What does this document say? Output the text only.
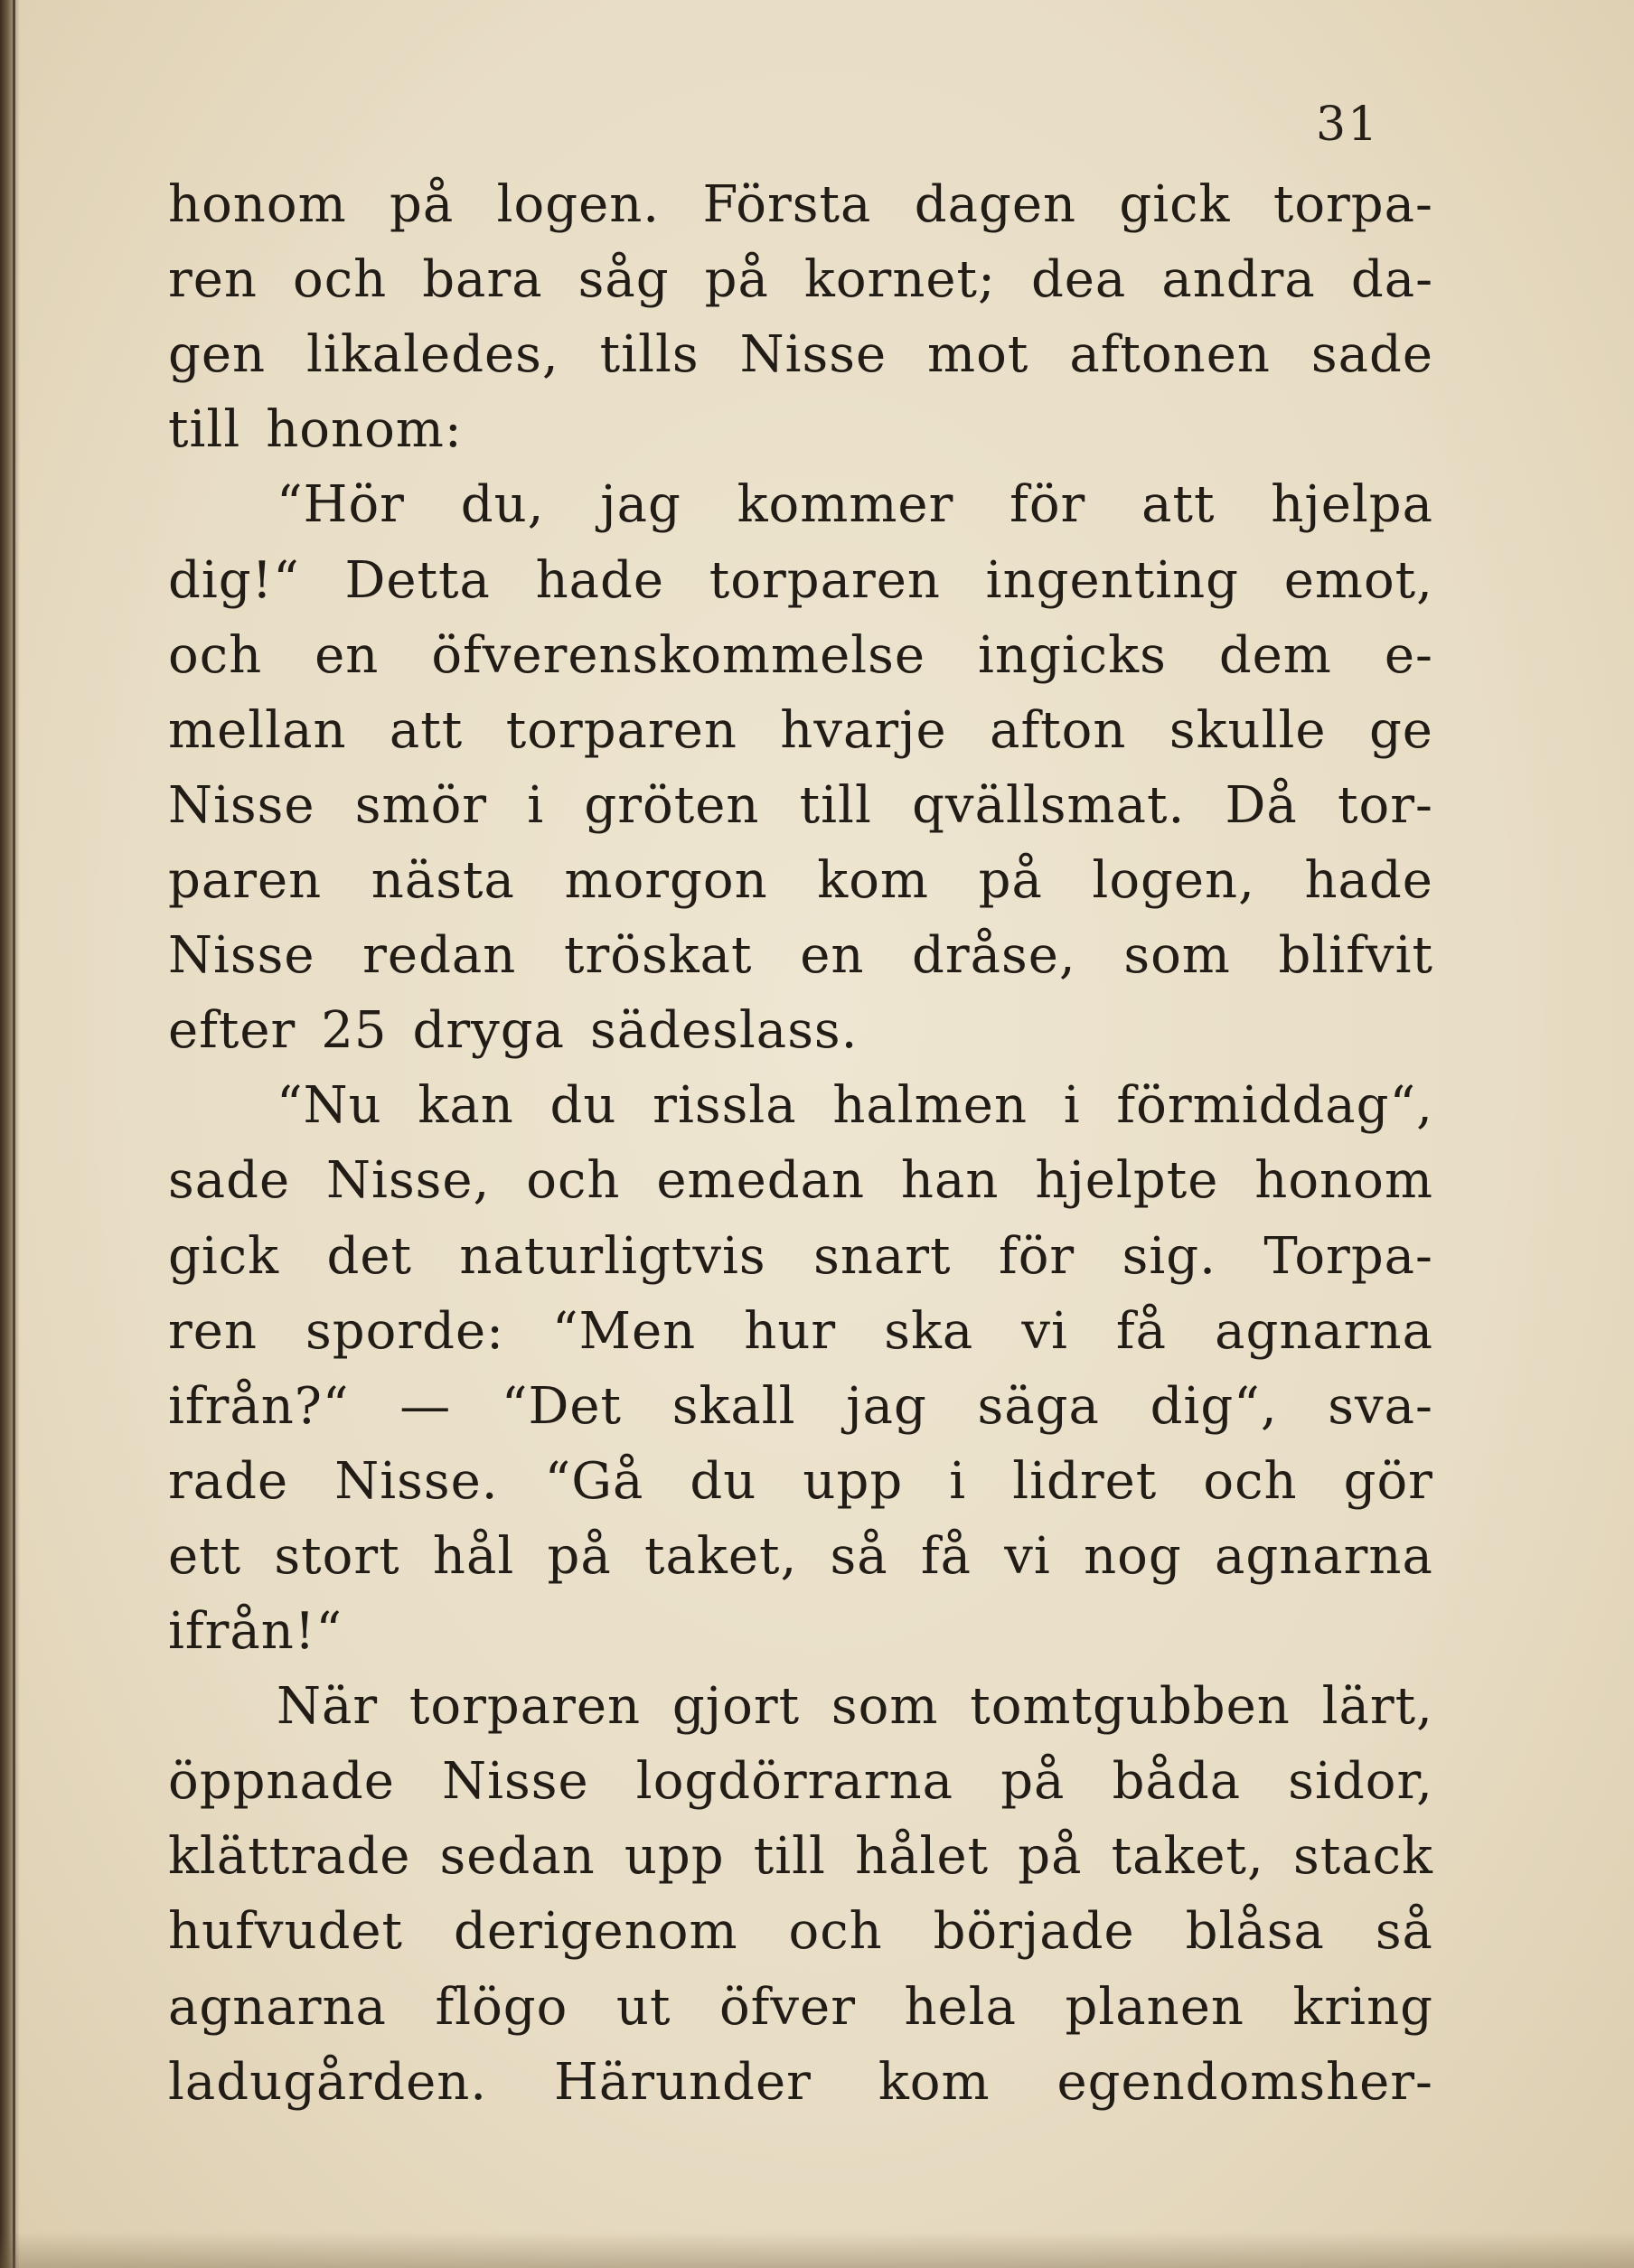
31
honom på logen. Första dagen gick torpa-
ren och bara såg på kornet; dea andra da-
gen likaledes, tills Nisse mot aftonen sade
till honom:
“Hör du, jag kommer för att hjelpa
dig!“ Detta hade torparen ingenting emot,
och en öfverenskommelse ingicks dem e-
mellan att torparen hvarje afton skulle ge
Nisse smör i gröten till qvällsmat. Då tor-
paren nästa morgon kom på logen, hade
Nisse redan tröskat en dråse, som blifvit
efter 25 dryga sädeslass.
“Nu kan du rissla halmen i förmiddag“,
sade Nisse, och emedan han hjelpte honom
gick det naturligtvis snart för sig. Torpa-
ren sporde: “Men hur ska vi få agnarna
ifrån?“ — “Det skall jag säga dig“, sva-
rade Nisse. “Gå du upp i lidret och gör
ett stort hål på taket, så få vi nog agnarna
ifrån!“
När torparen gjort som tomtgubben lärt,
öppnade Nisse logdörrarna på båda sidor,
klättrade sedan upp till hålet på taket, stack
hufvudet derigenom och började blåsa så
agnarna flögo ut öfver hela planen kring
ladugården. Härunder kom egendomsher-
